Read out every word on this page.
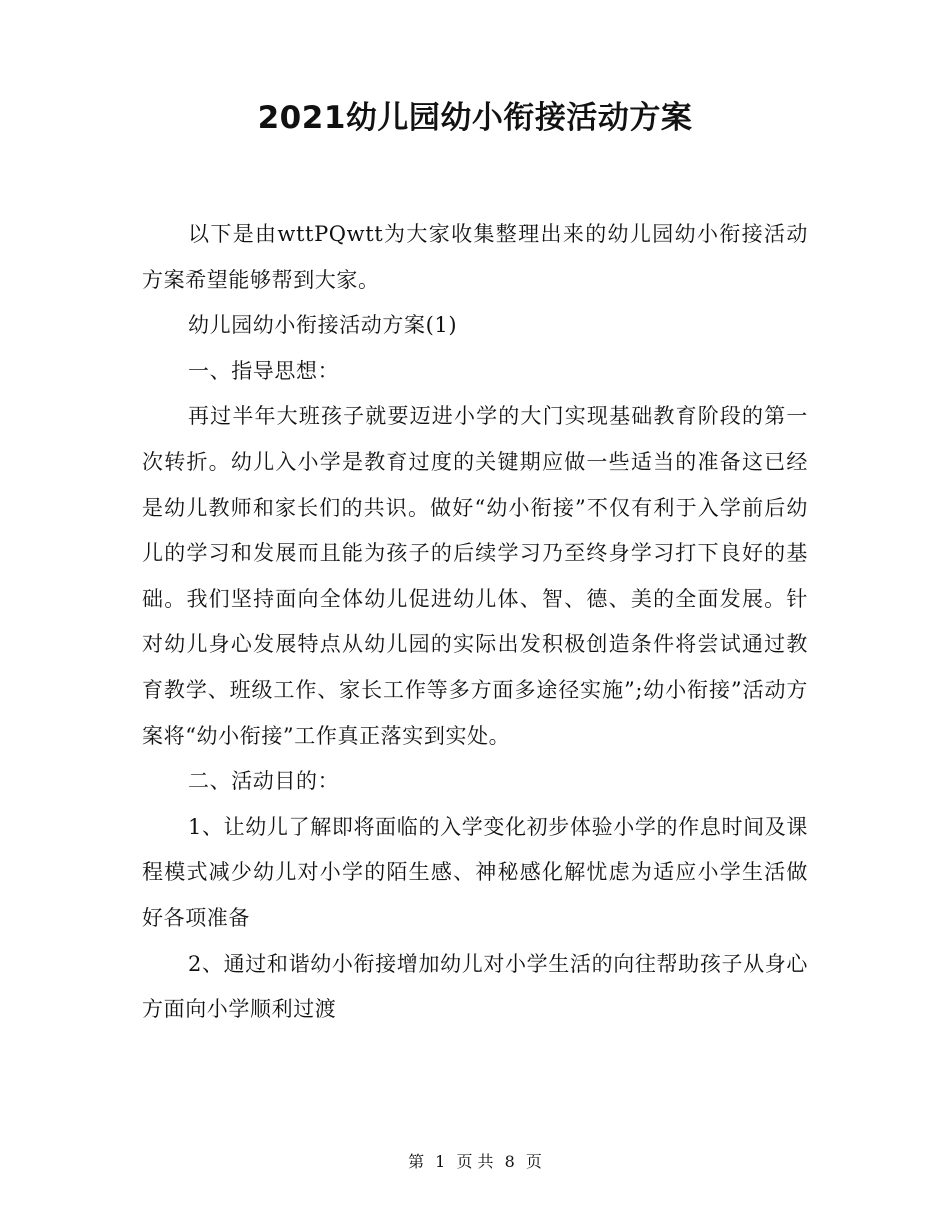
2021幼儿园幼小衔接活动方案

以下是由wttPQwtt为大家收集整理出来的幼儿园幼小衔接活动方案希望能够帮到大家。

幼儿园幼小衔接活动方案(1)

一、指导思想：

再过半年大班孩子就要迈进小学的大门实现基础教育阶段的第一次转折。幼儿入小学是教育过度的关键期应做一些适当的准备这已经是幼儿教师和家长们的共识。做好“幼小衔接”不仅有利于入学前后幼儿的学习和发展而且能为孩子的后续学习乃至终身学习打下良好的基础。我们坚持面向全体幼儿促进幼儿体、智、德、美的全面发展。针对幼儿身心发展特点从幼儿园的实际出发积极创造条件将尝试通过教育教学、班级工作、家长工作等多方面多途径实施”;幼小衔接”活动方案将“幼小衔接”工作真正落实到实处。

二、活动目的：

1、让幼儿了解即将面临的入学变化初步体验小学的作息时间及课程模式减少幼儿对小学的陌生感、神秘感化解忧虑为适应小学生活做好各项准备

2、通过和谐幼小衔接增加幼儿对小学生活的向往帮助孩子从身心方面向小学顺利过渡

第 1 页 共 8 页
